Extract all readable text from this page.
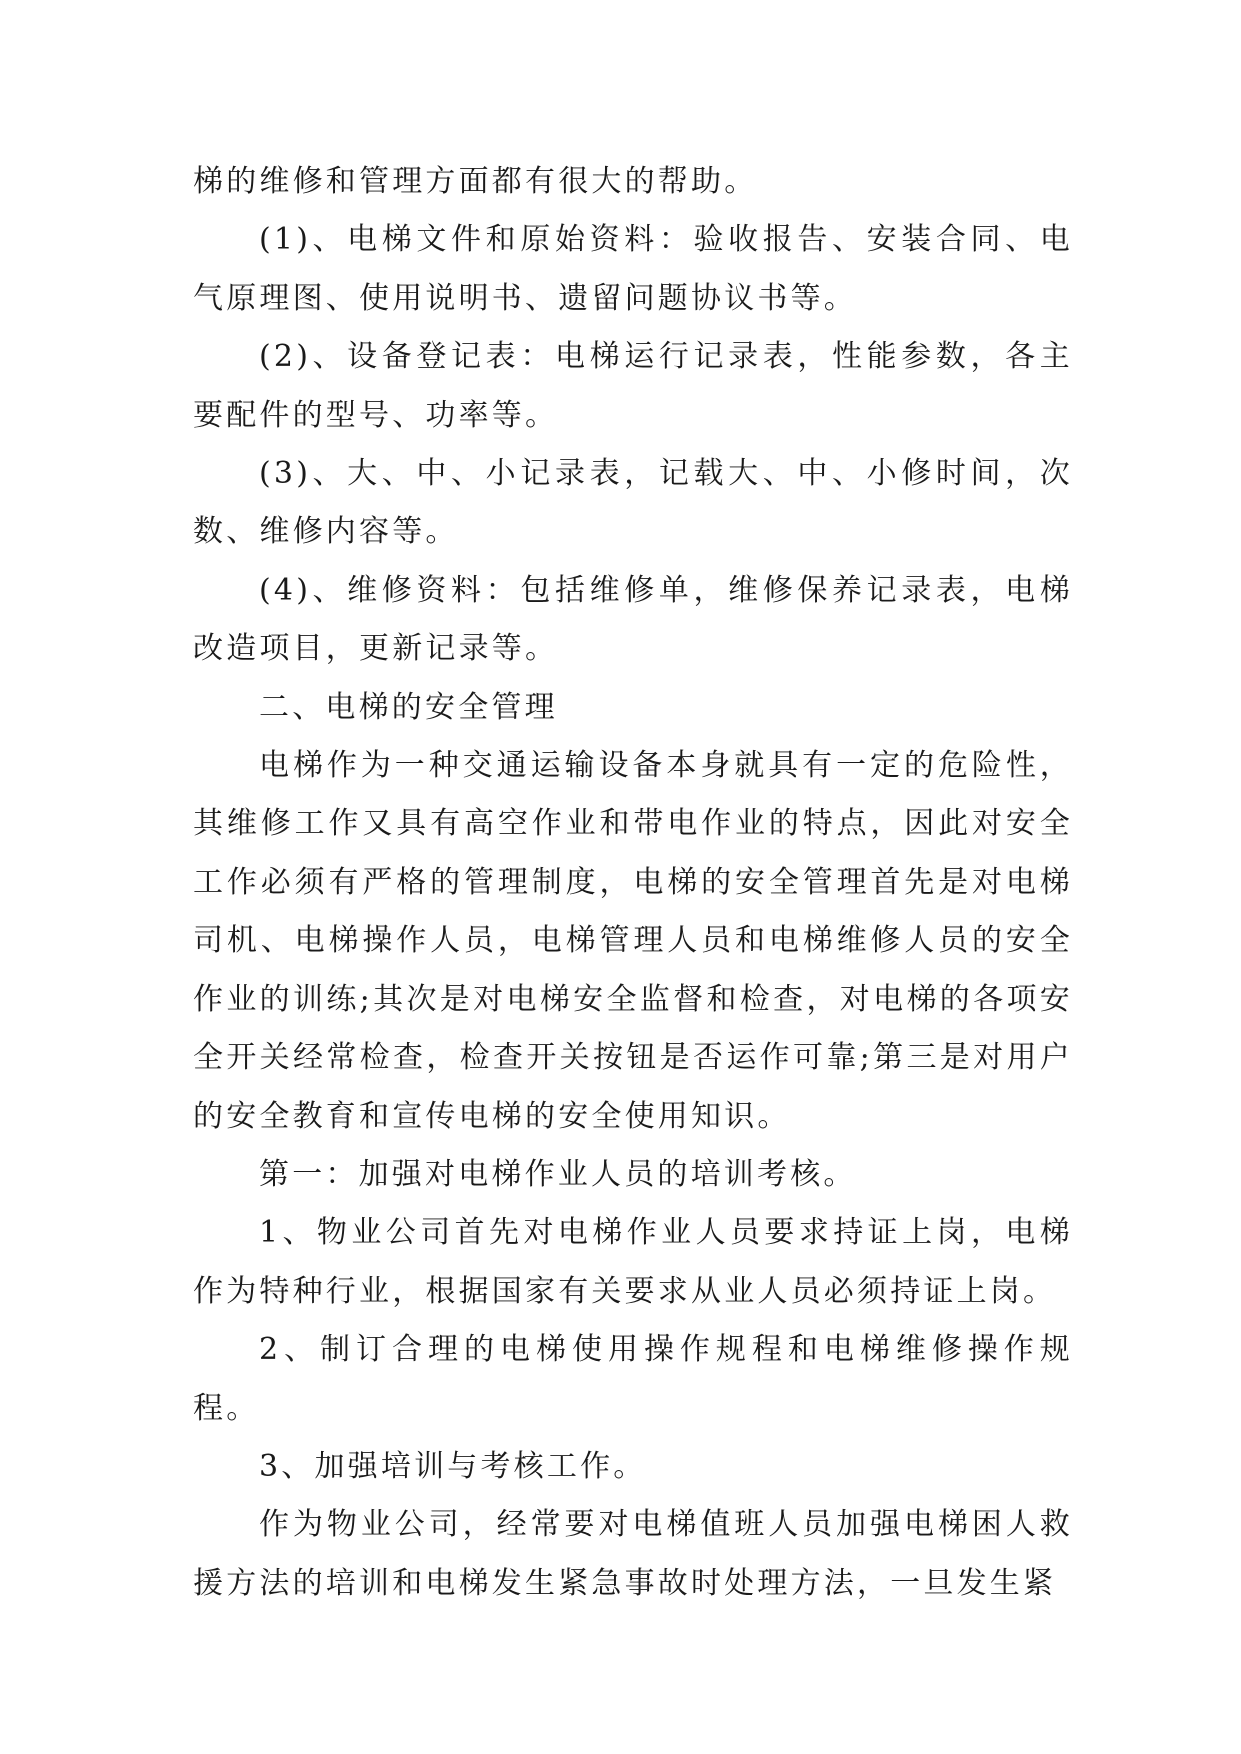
梯的维修和管理方面都有很大的帮助。

(1)、电梯文件和原始资料：验收报告、安装合同、电气原理图、使用说明书、遗留问题协议书等。

(2)、设备登记表：电梯运行记录表，性能参数，各主要配件的型号、功率等。

(3)、大、中、小记录表，记载大、中、小修时间，次数、维修内容等。

(4)、维修资料：包括维修单，维修保养记录表，电梯改造项目，更新记录等。

二、电梯的安全管理

电梯作为一种交通运输设备本身就具有一定的危险性，其维修工作又具有高空作业和带电作业的特点，因此对安全工作必须有严格的管理制度，电梯的安全管理首先是对电梯司机、电梯操作人员，电梯管理人员和电梯维修人员的安全作业的训练;其次是对电梯安全监督和检查，对电梯的各项安全开关经常检查，检查开关按钮是否运作可靠;第三是对用户的安全教育和宣传电梯的安全使用知识。

第一：加强对电梯作业人员的培训考核。

1、物业公司首先对电梯作业人员要求持证上岗，电梯作为特种行业，根据国家有关要求从业人员必须持证上岗。

2、制订合理的电梯使用操作规程和电梯维修操作规程。

3、加强培训与考核工作。

作为物业公司，经常要对电梯值班人员加强电梯困人救援方法的培训和电梯发生紧急事故时处理方法，一旦发生紧
